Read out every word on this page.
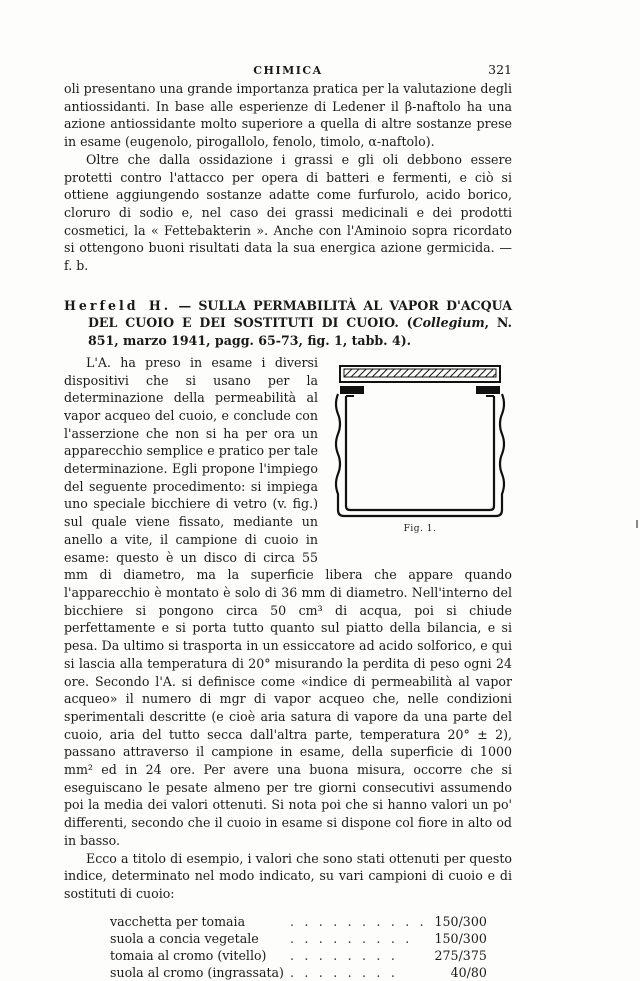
CHIMICA	321

oli presentano una grande importanza pratica per la valutazione degli antiossidanti. In base alle esperienze di Ledener il β-naftolo ha una azione antiossidante molto superiore a quella di altre sostanze prese in esame (eugenolo, pirogallolo, fenolo, timolo, α-naftolo).

Oltre che dalla ossidazione i grassi e gli oli debbono essere protetti contro l'attacco per opera di batteri e fermenti, e ciò si ottiene aggiungendo sostanze adatte come furfurolo, acido borico, cloruro di sodio e, nel caso dei grassi medicinali e dei prodotti cosmetici, la « Fettebakterin ». Anche con l'Aminoio sopra ricordato si ottengono buoni risultati data la sua energica azione germicida. — f. b.

Herfeld H. — SULLA PERMABILITÀ AL VAPOR D'ACQUA DEL CUOIO E DEI SOSTITUTI DI CUOIO. (Collegium, N. 851, marzo 1941, pagg. 65-73, fig. 1, tabb. 4).

Fig. 1.

L'A. ha preso in esame i diversi dispositivi che si usano per la determinazione della permeabilità al vapor acqueo del cuoio, e conclude con l'asserzione che non si ha per ora un apparecchio semplice e pratico per tale determinazione. Egli propone l'impiego del seguente procedimento: si impiega uno speciale bicchiere di vetro (v. fig.) sul quale viene fissato, mediante un anello a vite, il campione di cuoio in esame: questo è un disco di circa 55 mm di diametro, ma la superficie libera che appare quando l'apparecchio è montato è solo di 36 mm di diametro. Nell'interno del bicchiere si pongono circa 50 cm³ di acqua, poi si chiude perfettamente e si porta tutto quanto sul piatto della bilancia, e si pesa. Da ultimo si trasporta in un essiccatore ad acido solforico, e qui si lascia alla temperatura di 20° misurando la perdita di peso ogni 24 ore. Secondo l'A. si definisce come «indice di permeabilità al vapor acqueo» il numero di mgr di vapor acqueo che, nelle condizioni sperimentali descritte (e cioè aria satura di vapore da una parte del cuoio, aria del tutto secca dall'altra parte, temperatura 20° ± 2), passano attraverso il campione in esame, della superficie di 1000 mm² ed in 24 ore. Per avere una buona misura, occorre che si eseguiscano le pesate almeno per tre giorni consecutivi assumendo poi la media dei valori ottenuti. Si nota poi che si hanno valori un po' differenti, secondo che il cuoio in esame si dispone col fiore in alto od in basso.

Ecco a titolo di esempio, i valori che sono stati ottenuti per questo indice, determinato nel modo indicato, su vari campioni di cuoio e di sostituti di cuoio:

vacchetta per tomaia	. . . . . . . . . .	150/300
suola a concia vegetale	. . . . . . . . .	150/300
tomaia al cromo (vitello)	. . . . . . . .	275/375
suola al cromo (ingrassata)	. . . . . . . .	40/80
